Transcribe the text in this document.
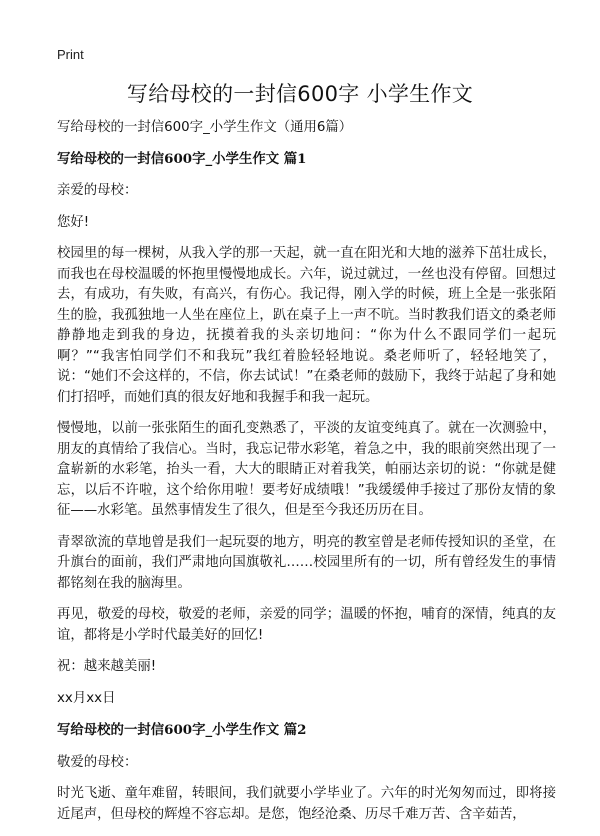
Print
写给母校的一封信600字 小学生作文

写给母校的一封信600字_小学生作文（通用6篇）

写给母校的一封信600字_小学生作文 篇1

亲爱的母校：

您好!

校园里的每一棵树，从我入学的那一天起，就一直在阳光和大地的滋养下茁壮成长，而我也在母校温暖的怀抱里慢慢地成长。六年，说过就过，一丝也没有停留。回想过去，有成功，有失败，有高兴，有伤心。我记得，刚入学的时候，班上全是一张张陌生的脸，我孤独地一人坐在座位上，趴在桌子上一声不吭。当时教我们语文的桑老师静静地走到我的身边，抚摸着我的头亲切地问：“你为什么不跟同学们一起玩啊？”“我害怕同学们不和我玩”我红着脸轻轻地说。桑老师听了，轻轻地笑了，说：“她们不会这样的，不信，你去试试！”在桑老师的鼓励下，我终于站起了身和她们打招呼，而她们真的很友好地和我握手和我一起玩。

慢慢地，以前一张张陌生的面孔变熟悉了，平淡的友谊变纯真了。就在一次测验中，朋友的真情给了我信心。当时，我忘记带水彩笔，着急之中，我的眼前突然出现了一盒崭新的水彩笔，抬头一看，大大的眼睛正对着我笑，帕丽达亲切的说：“你就是健忘，以后不许啦，这个给你用啦！要考好成绩哦！”我缓缓伸手接过了那份友情的象征——水彩笔。虽然事情发生了很久，但是至今我还历历在目。

青翠欲流的草地曾是我们一起玩耍的地方，明亮的教室曾是老师传授知识的圣堂，在升旗台的面前，我们严肃地向国旗敬礼……校园里所有的一切，所有曾经发生的事情都铭刻在我的脑海里。

再见，敬爱的母校，敬爱的老师，亲爱的同学；温暖的怀抱，哺育的深情，纯真的友谊，都将是小学时代最美好的回忆!

祝：越来越美丽!

xx月xx日

写给母校的一封信600字_小学生作文 篇2

敬爱的母校：

时光飞逝、童年难留，转眼间，我们就要小学毕业了。六年的时光匆匆而过，即将接近尾声，但母校的辉煌不容忘却。是您，饱经沧桑、历尽千难万苦、含辛茹苦，
